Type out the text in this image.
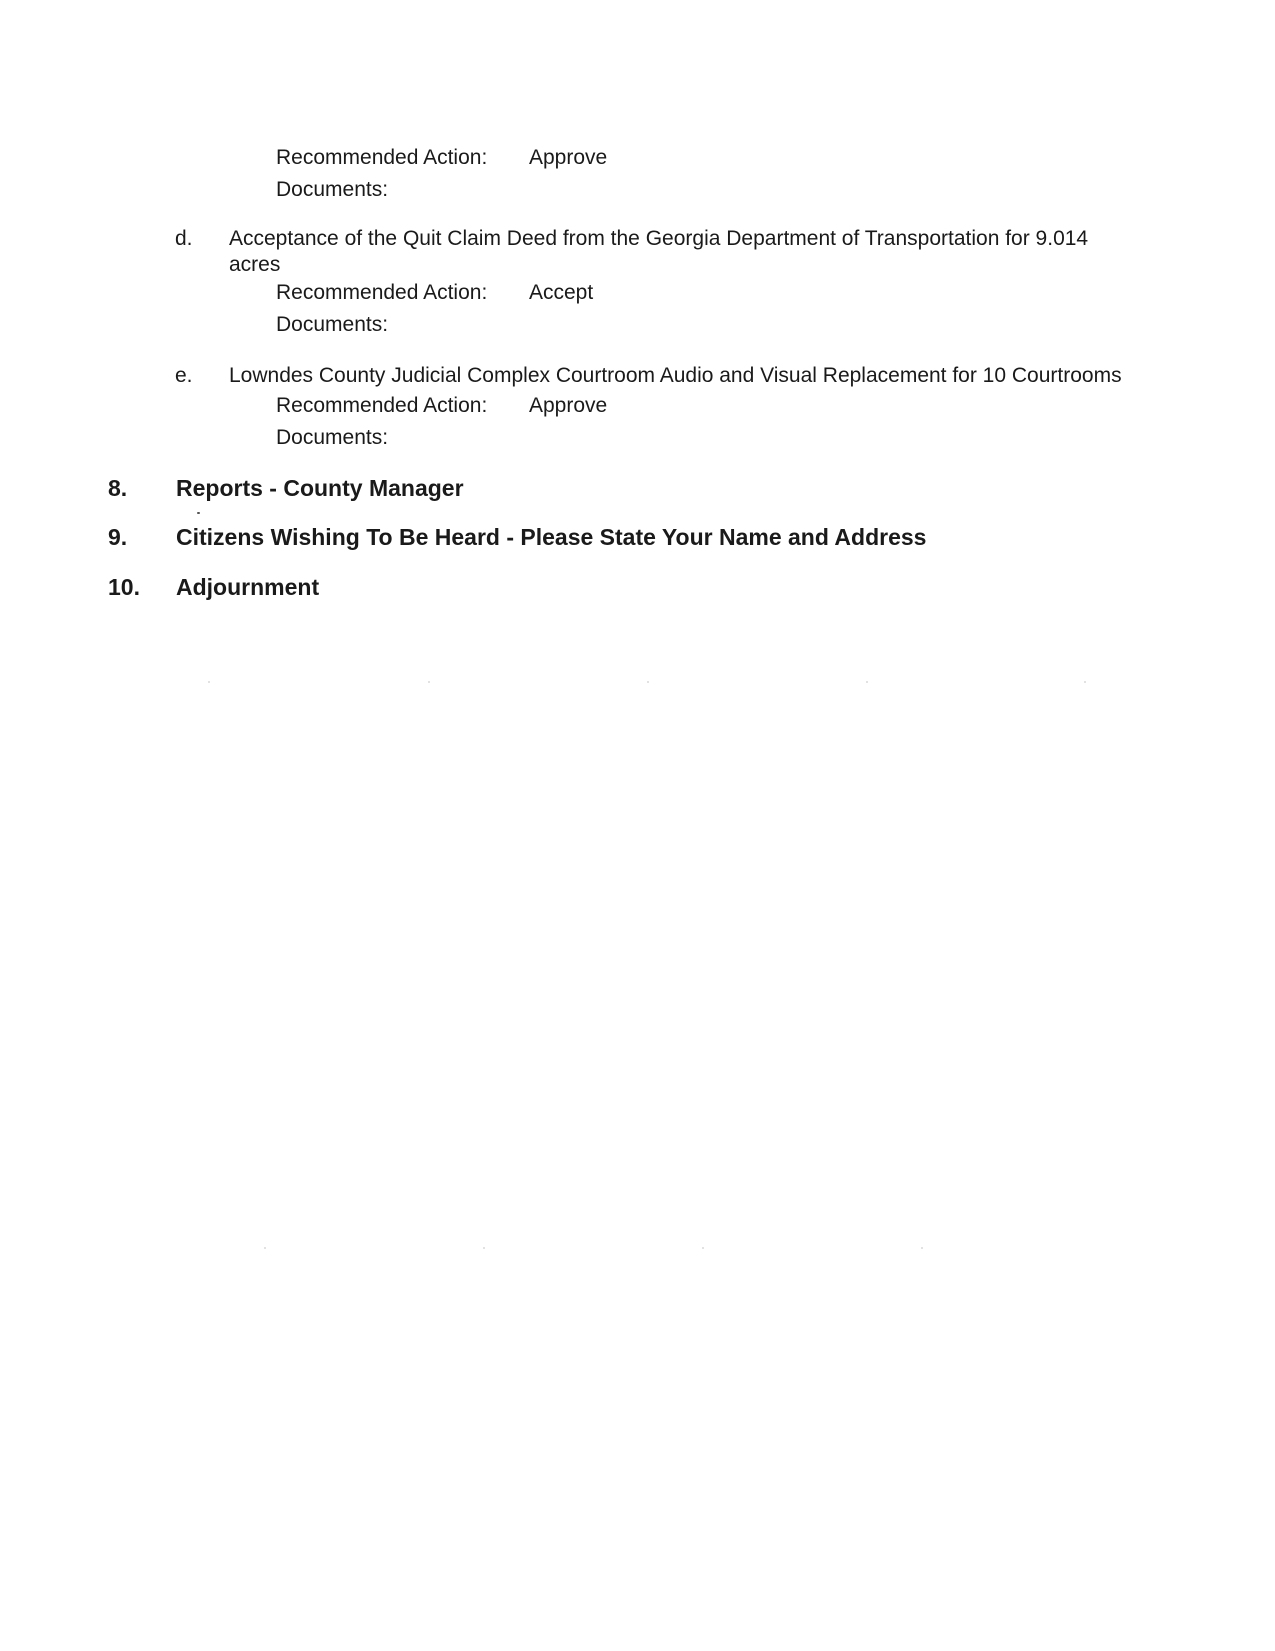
Recommended Action: Approve
Documents:
d. Acceptance of the Quit Claim Deed from the Georgia Department of Transportation for 9.014
acres
Recommended Action: Accept
Documents:
e. Lowndes County Judicial Complex Courtroom Audio and Visual Replacement for 10 Courtrooms
Recommended Action: Approve
Documents:
8. Reports - County Manager
9. Citizens Wishing To Be Heard - Please State Your Name and Address
10. Adjournment
